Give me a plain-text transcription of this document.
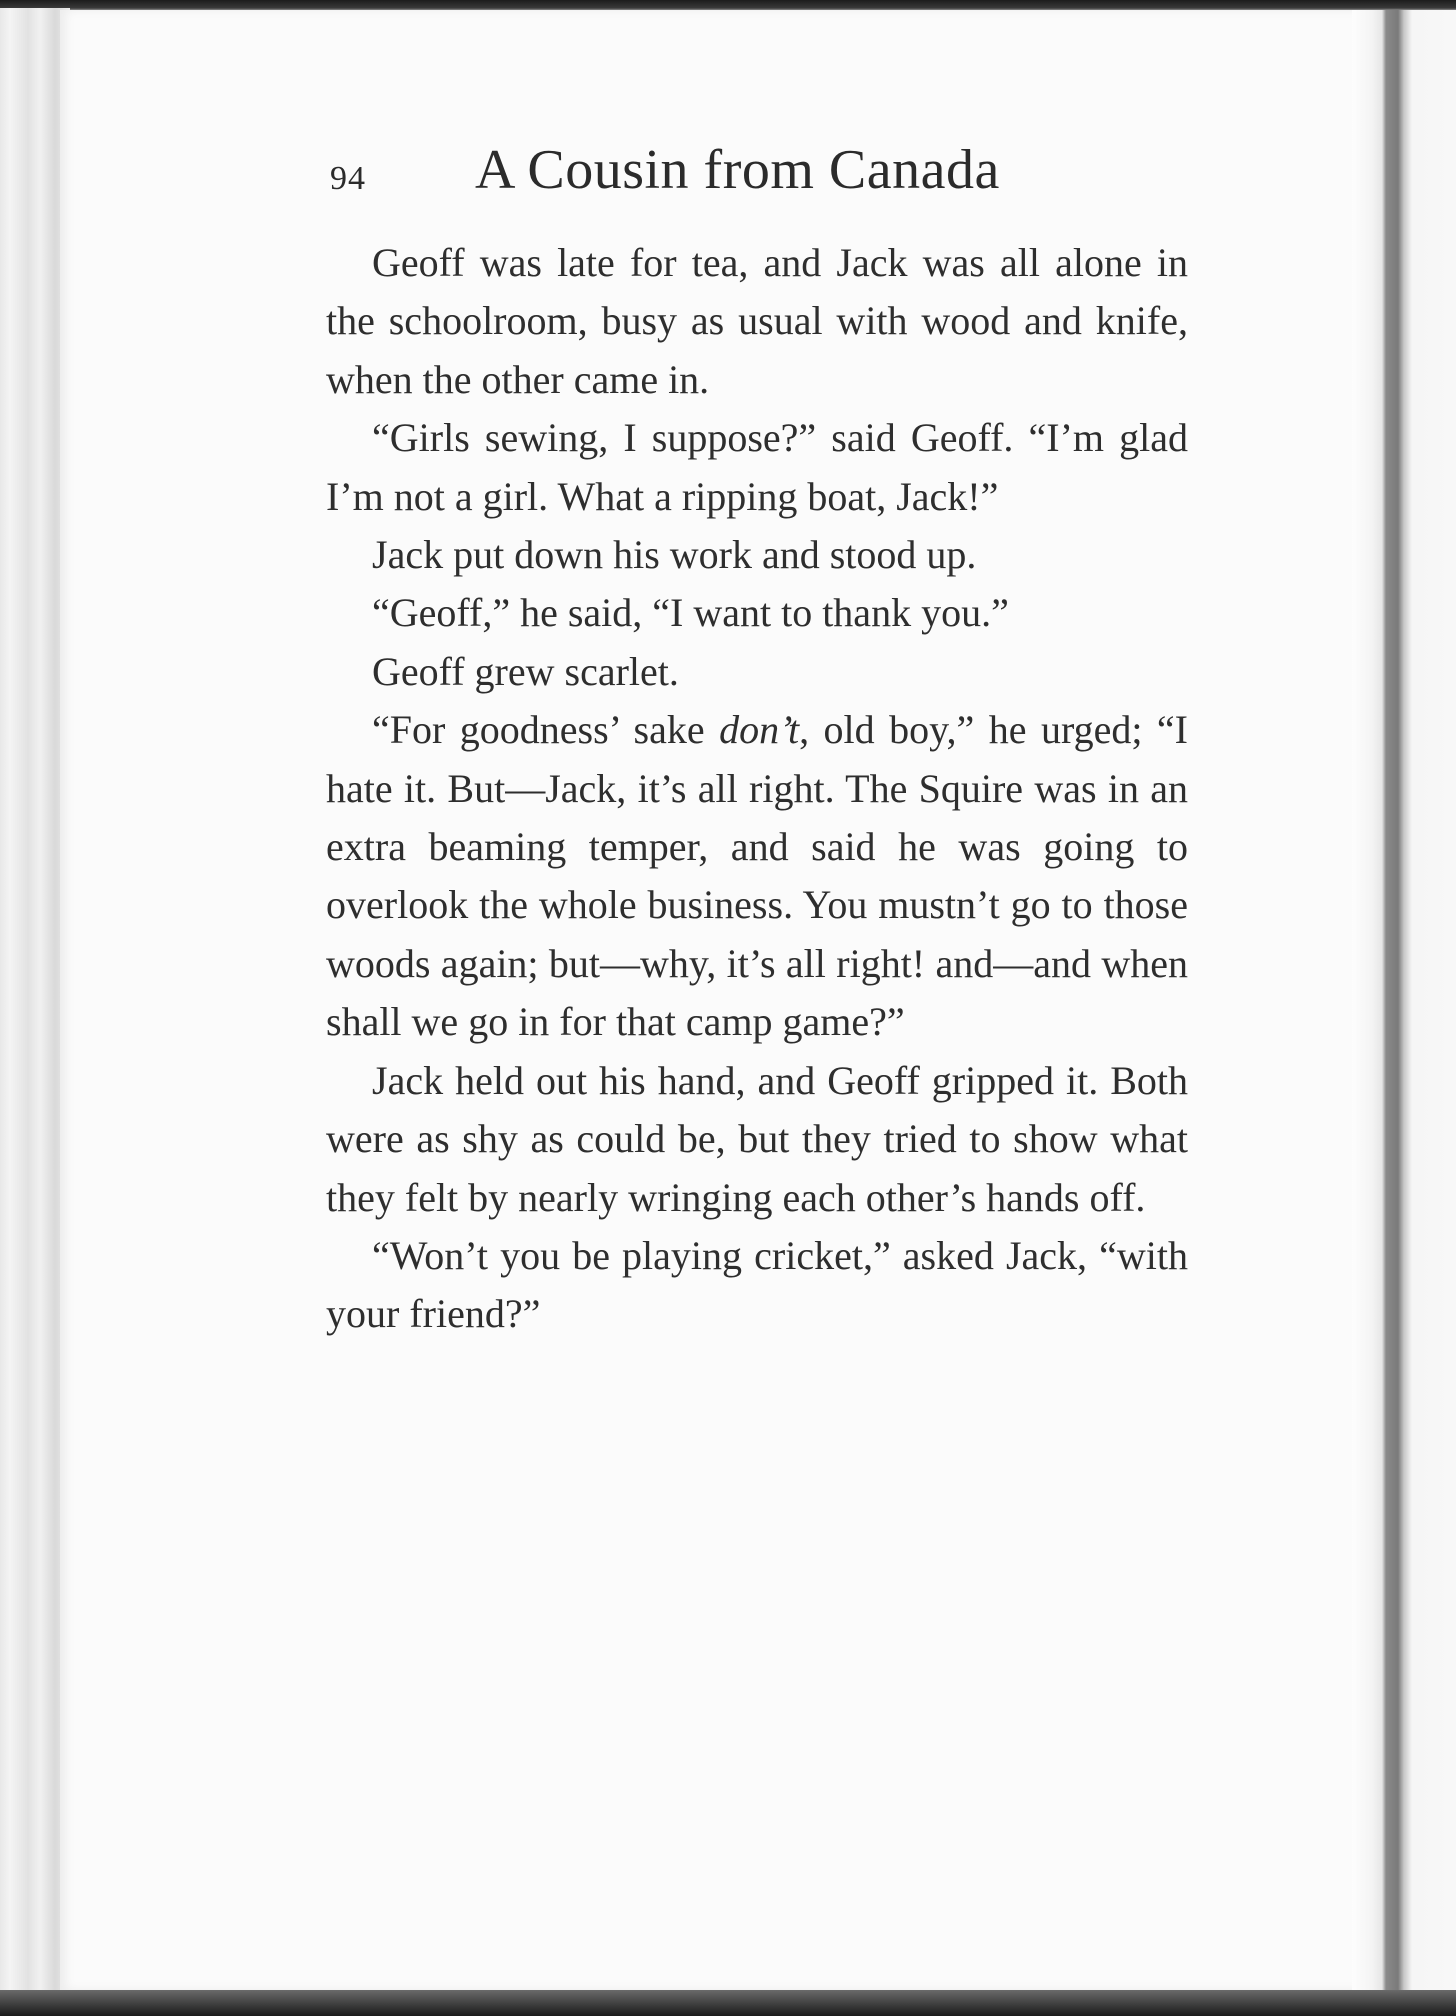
94 A Cousin from Canada

Geoff was late for tea, and Jack was all alone in the schoolroom, busy as usual with wood and knife, when the other came in.

“Girls sewing, I suppose?” said Geoff. “I’m glad I’m not a girl. What a ripping boat, Jack!”

Jack put down his work and stood up.

“Geoff,” he said, “I want to thank you.”

Geoff grew scarlet.

“For goodness’ sake don’t, old boy,” he urged; “I hate it. But—Jack, it’s all right. The Squire was in an extra beaming temper, and said he was going to overlook the whole business. You mustn’t go to those woods again; but—why, it’s all right! and—and when shall we go in for that camp game?”

Jack held out his hand, and Geoff gripped it. Both were as shy as could be, but they tried to show what they felt by nearly wringing each other’s hands off.

“Won’t you be playing cricket,” asked Jack, “with your friend?”
